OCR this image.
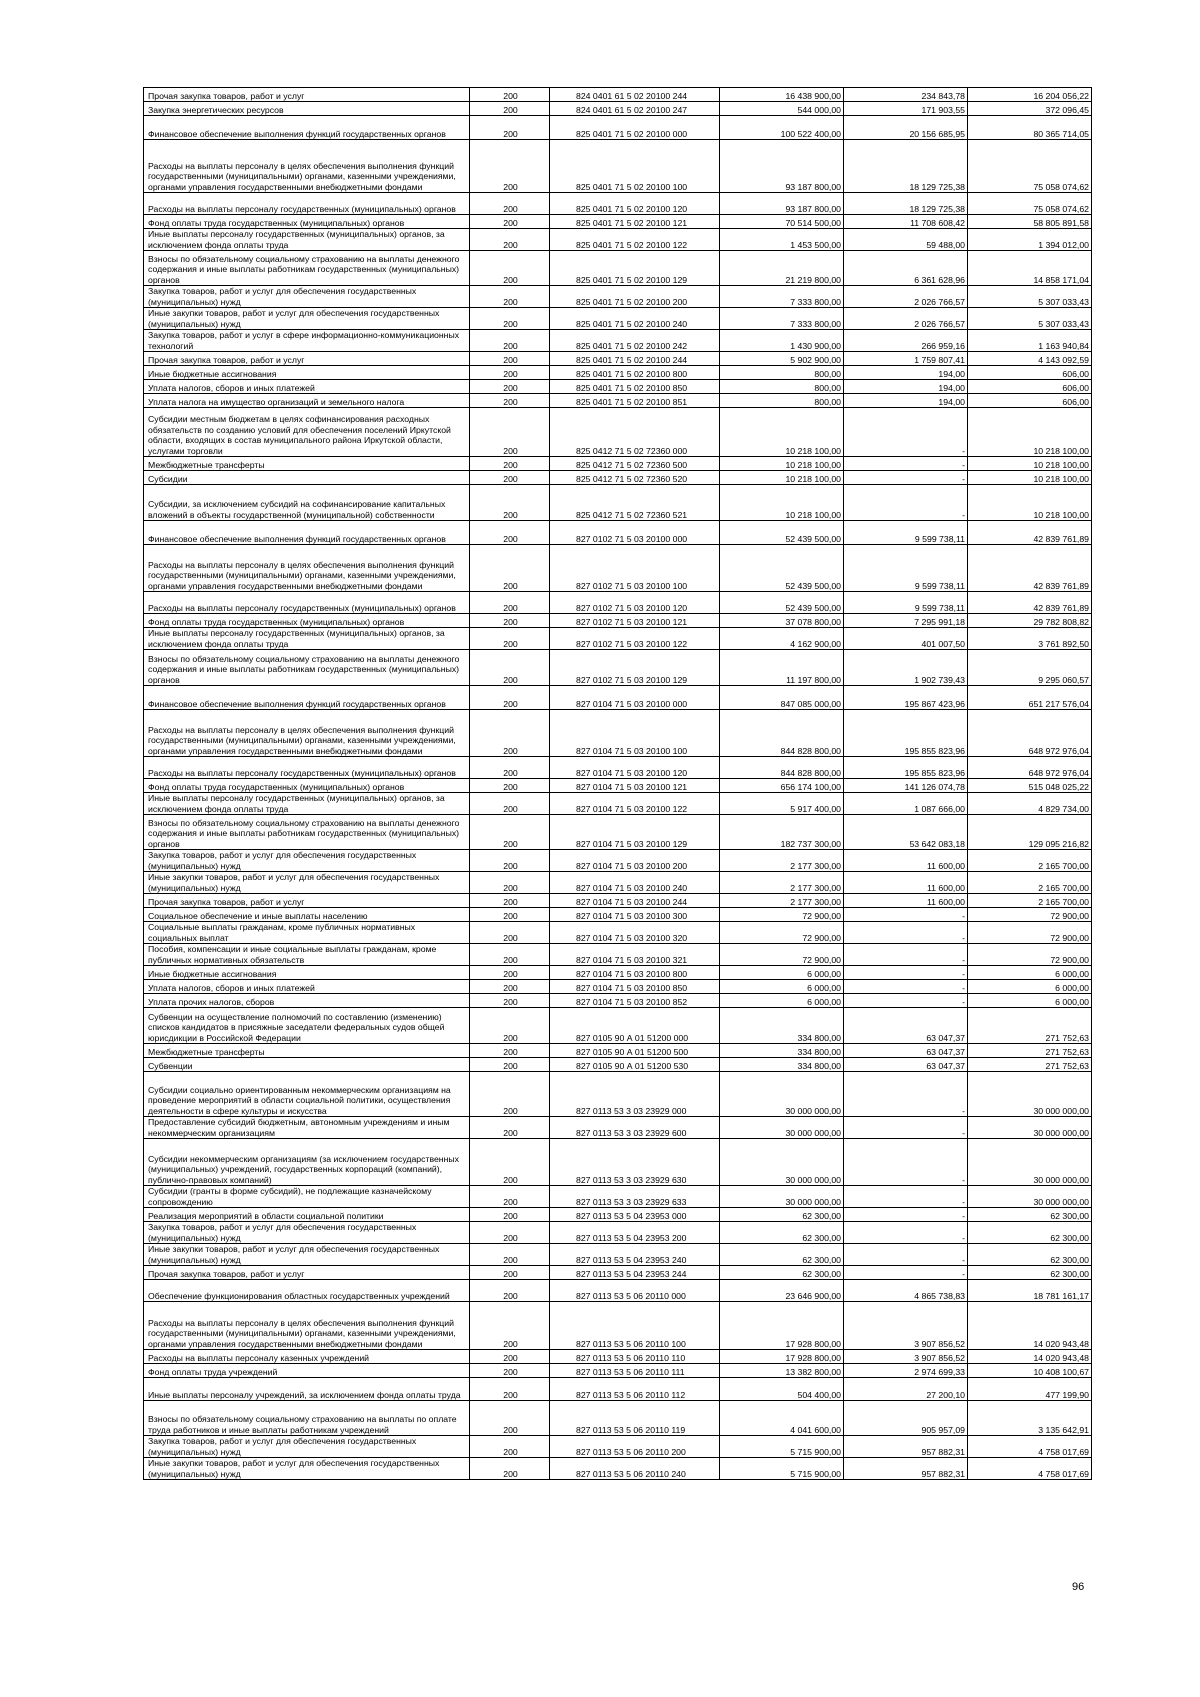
Прочая закупка товаров, работ и услуг	200	824 0401 61 5 02 20100 244	16 438 900,00	234 843,78	16 204 056,22
Закупка энергетических ресурсов	200	824 0401 61 5 02 20100 247	544 000,00	171 903,55	372 096,45
Финансовое обеспечение выполнения функций государственных органов	200	825 0401 71 5 02 20100 000	100 522 400,00	20 156 685,95	80 365 714,05
Расходы на выплаты персоналу в целях обеспечения выполнения функций государственными (муниципальными) органами, казенными учреждениями, органами управления государственными внебюджетными фондами	200	825 0401 71 5 02 20100 100	93 187 800,00	18 129 725,38	75 058 074,62
Расходы на выплаты персоналу государственных (муниципальных) органов	200	825 0401 71 5 02 20100 120	93 187 800,00	18 129 725,38	75 058 074,62
Фонд оплаты труда государственных (муниципальных) органов	200	825 0401 71 5 02 20100 121	70 514 500,00	11 708 608,42	58 805 891,58
Иные выплаты персоналу государственных (муниципальных) органов, за исключением фонда оплаты труда	200	825 0401 71 5 02 20100 122	1 453 500,00	59 488,00	1 394 012,00
Взносы по обязательному социальному страхованию на выплаты денежного содержания и иные выплаты работникам государственных (муниципальных) органов	200	825 0401 71 5 02 20100 129	21 219 800,00	6 361 628,96	14 858 171,04
Закупка товаров, работ и услуг для обеспечения государственных (муниципальных) нужд	200	825 0401 71 5 02 20100 200	7 333 800,00	2 026 766,57	5 307 033,43
Иные закупки товаров, работ и услуг для обеспечения государственных (муниципальных) нужд	200	825 0401 71 5 02 20100 240	7 333 800,00	2 026 766,57	5 307 033,43
Закупка товаров, работ и услуг в сфере информационно-коммуникационных технологий	200	825 0401 71 5 02 20100 242	1 430 900,00	266 959,16	1 163 940,84
Прочая закупка товаров, работ и услуг	200	825 0401 71 5 02 20100 244	5 902 900,00	1 759 807,41	4 143 092,59
Иные бюджетные ассигнования	200	825 0401 71 5 02 20100 800	800,00	194,00	606,00
Уплата налогов, сборов и иных платежей	200	825 0401 71 5 02 20100 850	800,00	194,00	606,00
Уплата налога на имущество организаций и земельного налога	200	825 0401 71 5 02 20100 851	800,00	194,00	606,00
Субсидии местным бюджетам в целях софинансирования расходных обязательств по созданию условий для обеспечения поселений Иркутской области, входящих в состав муниципального района Иркутской области, услугами торговли	200	825 0412 71 5 02 72360 000	10 218 100,00	-	10 218 100,00
Межбюджетные трансферты	200	825 0412 71 5 02 72360 500	10 218 100,00	-	10 218 100,00
Субсидии	200	825 0412 71 5 02 72360 520	10 218 100,00	-	10 218 100,00
Субсидии, за исключением субсидий на софинансирование капитальных вложений в объекты государственной (муниципальной) собственности	200	825 0412 71 5 02 72360 521	10 218 100,00	-	10 218 100,00
Финансовое обеспечение выполнения функций государственных органов	200	827 0102 71 5 03 20100 000	52 439 500,00	9 599 738,11	42 839 761,89
Расходы на выплаты персоналу в целях обеспечения выполнения функций государственными (муниципальными) органами, казенными учреждениями, органами управления государственными внебюджетными фондами	200	827 0102 71 5 03 20100 100	52 439 500,00	9 599 738,11	42 839 761,89
Расходы на выплаты персоналу государственных (муниципальных) органов	200	827 0102 71 5 03 20100 120	52 439 500,00	9 599 738,11	42 839 761,89
Фонд оплаты труда государственных (муниципальных) органов	200	827 0102 71 5 03 20100 121	37 078 800,00	7 295 991,18	29 782 808,82
Иные выплаты персоналу государственных (муниципальных) органов, за исключением фонда оплаты труда	200	827 0102 71 5 03 20100 122	4 162 900,00	401 007,50	3 761 892,50
Взносы по обязательному социальному страхованию на выплаты денежного содержания и иные выплаты работникам государственных (муниципальных) органов	200	827 0102 71 5 03 20100 129	11 197 800,00	1 902 739,43	9 295 060,57
Финансовое обеспечение выполнения функций государственных органов	200	827 0104 71 5 03 20100 000	847 085 000,00	195 867 423,96	651 217 576,04
Расходы на выплаты персоналу в целях обеспечения выполнения функций государственными (муниципальными) органами, казенными учреждениями, органами управления государственными внебюджетными фондами	200	827 0104 71 5 03 20100 100	844 828 800,00	195 855 823,96	648 972 976,04
Расходы на выплаты персоналу государственных (муниципальных) органов	200	827 0104 71 5 03 20100 120	844 828 800,00	195 855 823,96	648 972 976,04
Фонд оплаты труда государственных (муниципальных) органов	200	827 0104 71 5 03 20100 121	656 174 100,00	141 126 074,78	515 048 025,22
Иные выплаты персоналу государственных (муниципальных) органов, за исключением фонда оплаты труда	200	827 0104 71 5 03 20100 122	5 917 400,00	1 087 666,00	4 829 734,00
Взносы по обязательному социальному страхованию на выплаты денежного содержания и иные выплаты работникам государственных (муниципальных) органов	200	827 0104 71 5 03 20100 129	182 737 300,00	53 642 083,18	129 095 216,82
Закупка товаров, работ и услуг для обеспечения государственных (муниципальных) нужд	200	827 0104 71 5 03 20100 200	2 177 300,00	11 600,00	2 165 700,00
Иные закупки товаров, работ и услуг для обеспечения государственных (муниципальных) нужд	200	827 0104 71 5 03 20100 240	2 177 300,00	11 600,00	2 165 700,00
Прочая закупка товаров, работ и услуг	200	827 0104 71 5 03 20100 244	2 177 300,00	11 600,00	2 165 700,00
Социальное обеспечение и иные выплаты населению	200	827 0104 71 5 03 20100 300	72 900,00	-	72 900,00
Социальные выплаты гражданам, кроме публичных нормативных социальных выплат	200	827 0104 71 5 03 20100 320	72 900,00	-	72 900,00
Пособия, компенсации и иные социальные выплаты гражданам, кроме публичных нормативных обязательств	200	827 0104 71 5 03 20100 321	72 900,00	-	72 900,00
Иные бюджетные ассигнования	200	827 0104 71 5 03 20100 800	6 000,00	-	6 000,00
Уплата налогов, сборов и иных платежей	200	827 0104 71 5 03 20100 850	6 000,00	-	6 000,00
Уплата прочих налогов, сборов	200	827 0104 71 5 03 20100 852	6 000,00	-	6 000,00
Субвенции на осуществление полномочий по составлению (изменению) списков кандидатов в присяжные заседатели федеральных судов общей юрисдикции в Российской Федерации	200	827 0105 90 А 01 51200 000	334 800,00	63 047,37	271 752,63
Межбюджетные трансферты	200	827 0105 90 А 01 51200 500	334 800,00	63 047,37	271 752,63
Субвенции	200	827 0105 90 А 01 51200 530	334 800,00	63 047,37	271 752,63
Субсидии социально ориентированным некоммерческим организациям на проведение мероприятий в области социальной политики, осуществления деятельности в сфере культуры и искусства	200	827 0113 53 3 03 23929 000	30 000 000,00	-	30 000 000,00
Предоставление субсидий бюджетным, автономным учреждениям и иным некоммерческим организациям	200	827 0113 53 3 03 23929 600	30 000 000,00	-	30 000 000,00
Субсидии некоммерческим организациям (за исключением государственных (муниципальных) учреждений, государственных корпораций (компаний), публично-правовых компаний)	200	827 0113 53 3 03 23929 630	30 000 000,00	-	30 000 000,00
Субсидии (гранты в форме субсидий), не подлежащие казначейскому сопровождению	200	827 0113 53 3 03 23929 633	30 000 000,00	-	30 000 000,00
Реализация мероприятий в области социальной политики	200	827 0113 53 5 04 23953 000	62 300,00	-	62 300,00
Закупка товаров, работ и услуг для обеспечения государственных (муниципальных) нужд	200	827 0113 53 5 04 23953 200	62 300,00	-	62 300,00
Иные закупки товаров, работ и услуг для обеспечения государственных (муниципальных) нужд	200	827 0113 53 5 04 23953 240	62 300,00	-	62 300,00
Прочая закупка товаров, работ и услуг	200	827 0113 53 5 04 23953 244	62 300,00	-	62 300,00
Обеспечение функционирования областных государственных учреждений	200	827 0113 53 5 06 20110 000	23 646 900,00	4 865 738,83	18 781 161,17
Расходы на выплаты персоналу в целях обеспечения выполнения функций государственными (муниципальными) органами, казенными учреждениями, органами управления государственными внебюджетными фондами	200	827 0113 53 5 06 20110 100	17 928 800,00	3 907 856,52	14 020 943,48
Расходы на выплаты персоналу казенных учреждений	200	827 0113 53 5 06 20110 110	17 928 800,00	3 907 856,52	14 020 943,48
Фонд оплаты труда учреждений	200	827 0113 53 5 06 20110 111	13 382 800,00	2 974 699,33	10 408 100,67
Иные выплаты персоналу учреждений, за исключением фонда оплаты труда	200	827 0113 53 5 06 20110 112	504 400,00	27 200,10	477 199,90
Взносы по обязательному социальному страхованию на выплаты по оплате труда работников и иные выплаты работникам учреждений	200	827 0113 53 5 06 20110 119	4 041 600,00	905 957,09	3 135 642,91
Закупка товаров, работ и услуг для обеспечения государственных (муниципальных) нужд	200	827 0113 53 5 06 20110 200	5 715 900,00	957 882,31	4 758 017,69
Иные закупки товаров, работ и услуг для обеспечения государственных (муниципальных) нужд	200	827 0113 53 5 06 20110 240	5 715 900,00	957 882,31	4 758 017,69
96
